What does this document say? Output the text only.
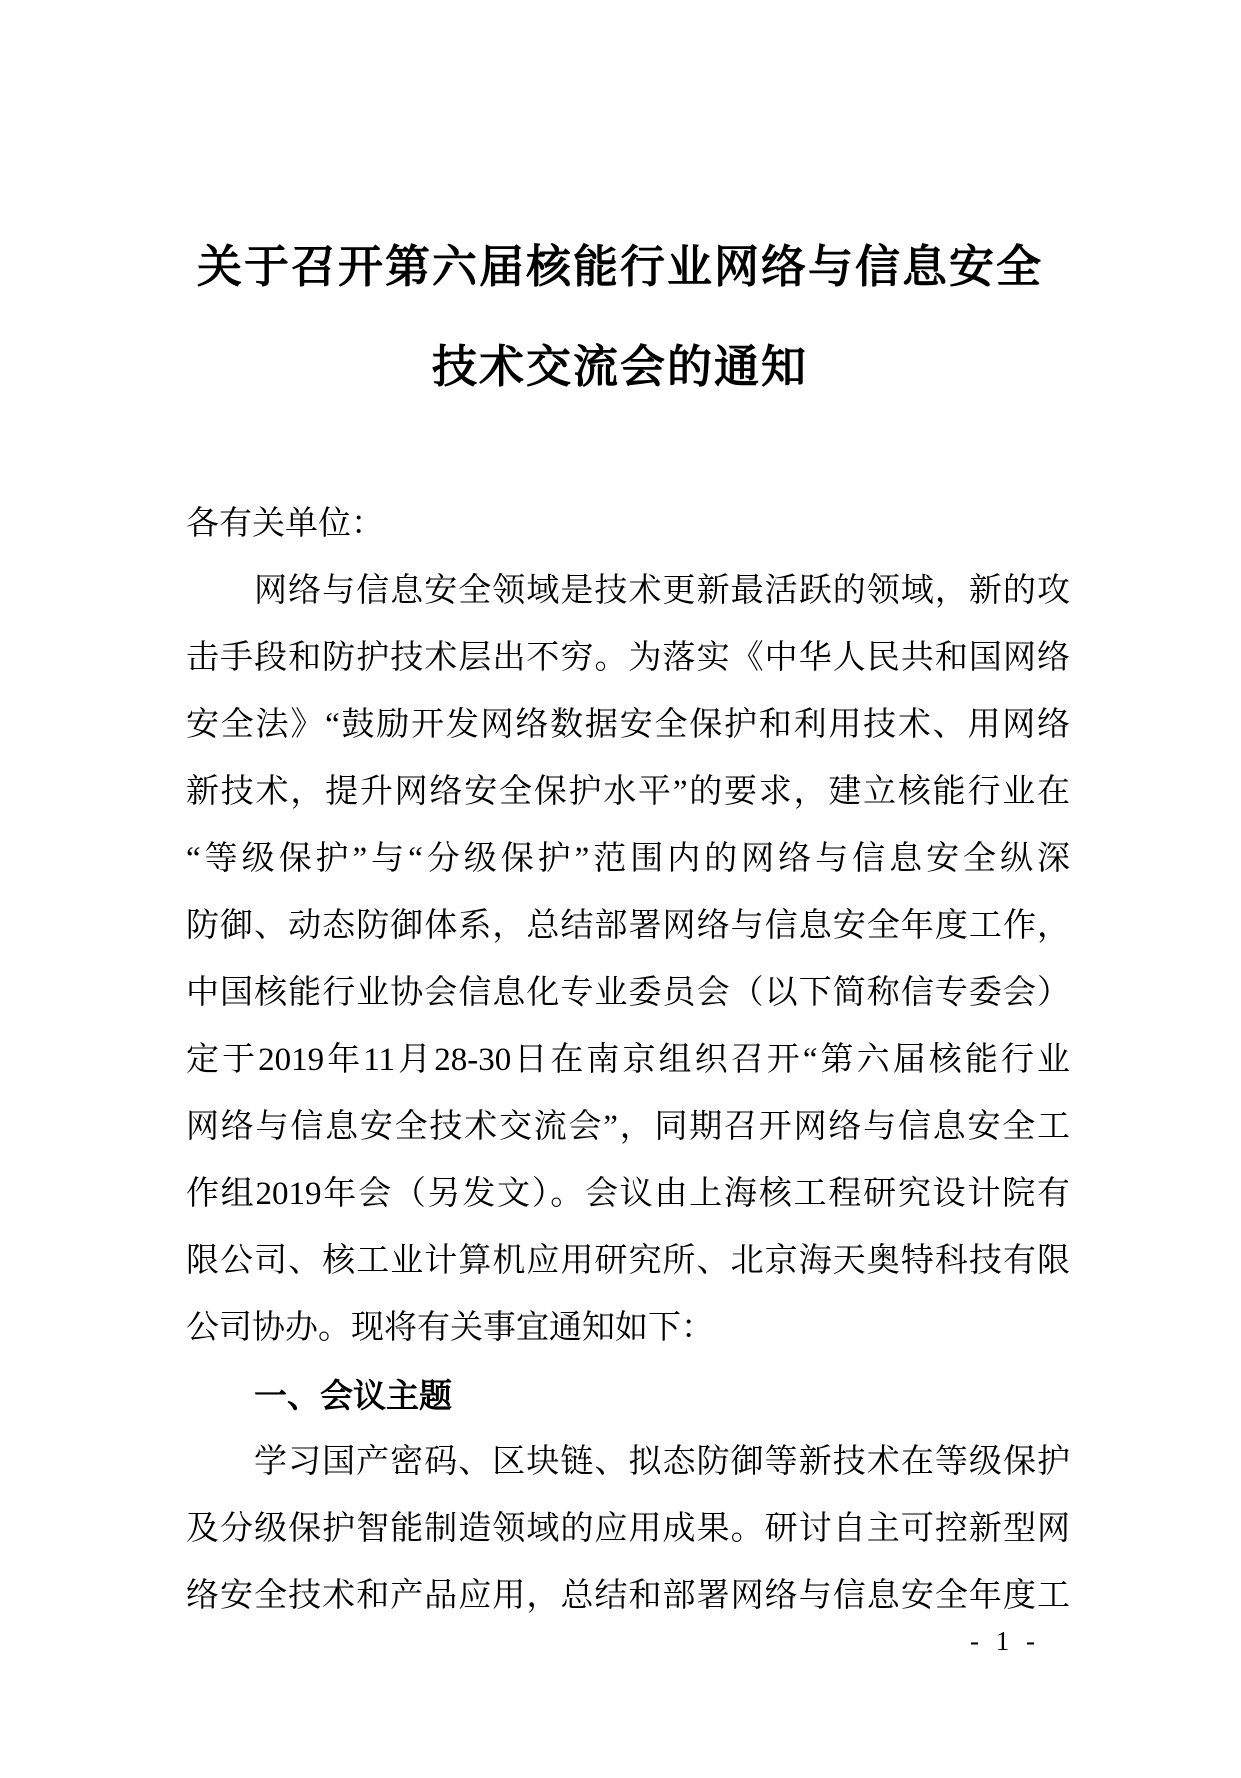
关于召开第六届核能行业网络与信息安全
技术交流会的通知
各有关单位：
网络与信息安全领域是技术更新最活跃的领域，新的攻
击手段和防护技术层出不穷。为落实《中华人民共和国网络
安全法》“鼓励开发网络数据安全保护和利用技术、用网络
新技术，提升网络安全保护水平”的要求，建立核能行业在
“等级保护”与“分级保护”范围内的网络与信息安全纵深
防御、动态防御体系，总结部署网络与信息安全年度工作，
中国核能行业协会信息化专业委员会（以下简称信专委会）
定于2019年11月28-30日在南京组织召开“第六届核能行业
网络与信息安全技术交流会”，同期召开网络与信息安全工
作组2019年会（另发文）。会议由上海核工程研究设计院有
限公司、核工业计算机应用研究所、北京海天奥特科技有限
公司协办。现将有关事宜通知如下：
一、会议主题
学习国产密码、区块链、拟态防御等新技术在等级保护
及分级保护智能制造领域的应用成果。研讨自主可控新型网
络安全技术和产品应用，总结和部署网络与信息安全年度工
- 1 -
